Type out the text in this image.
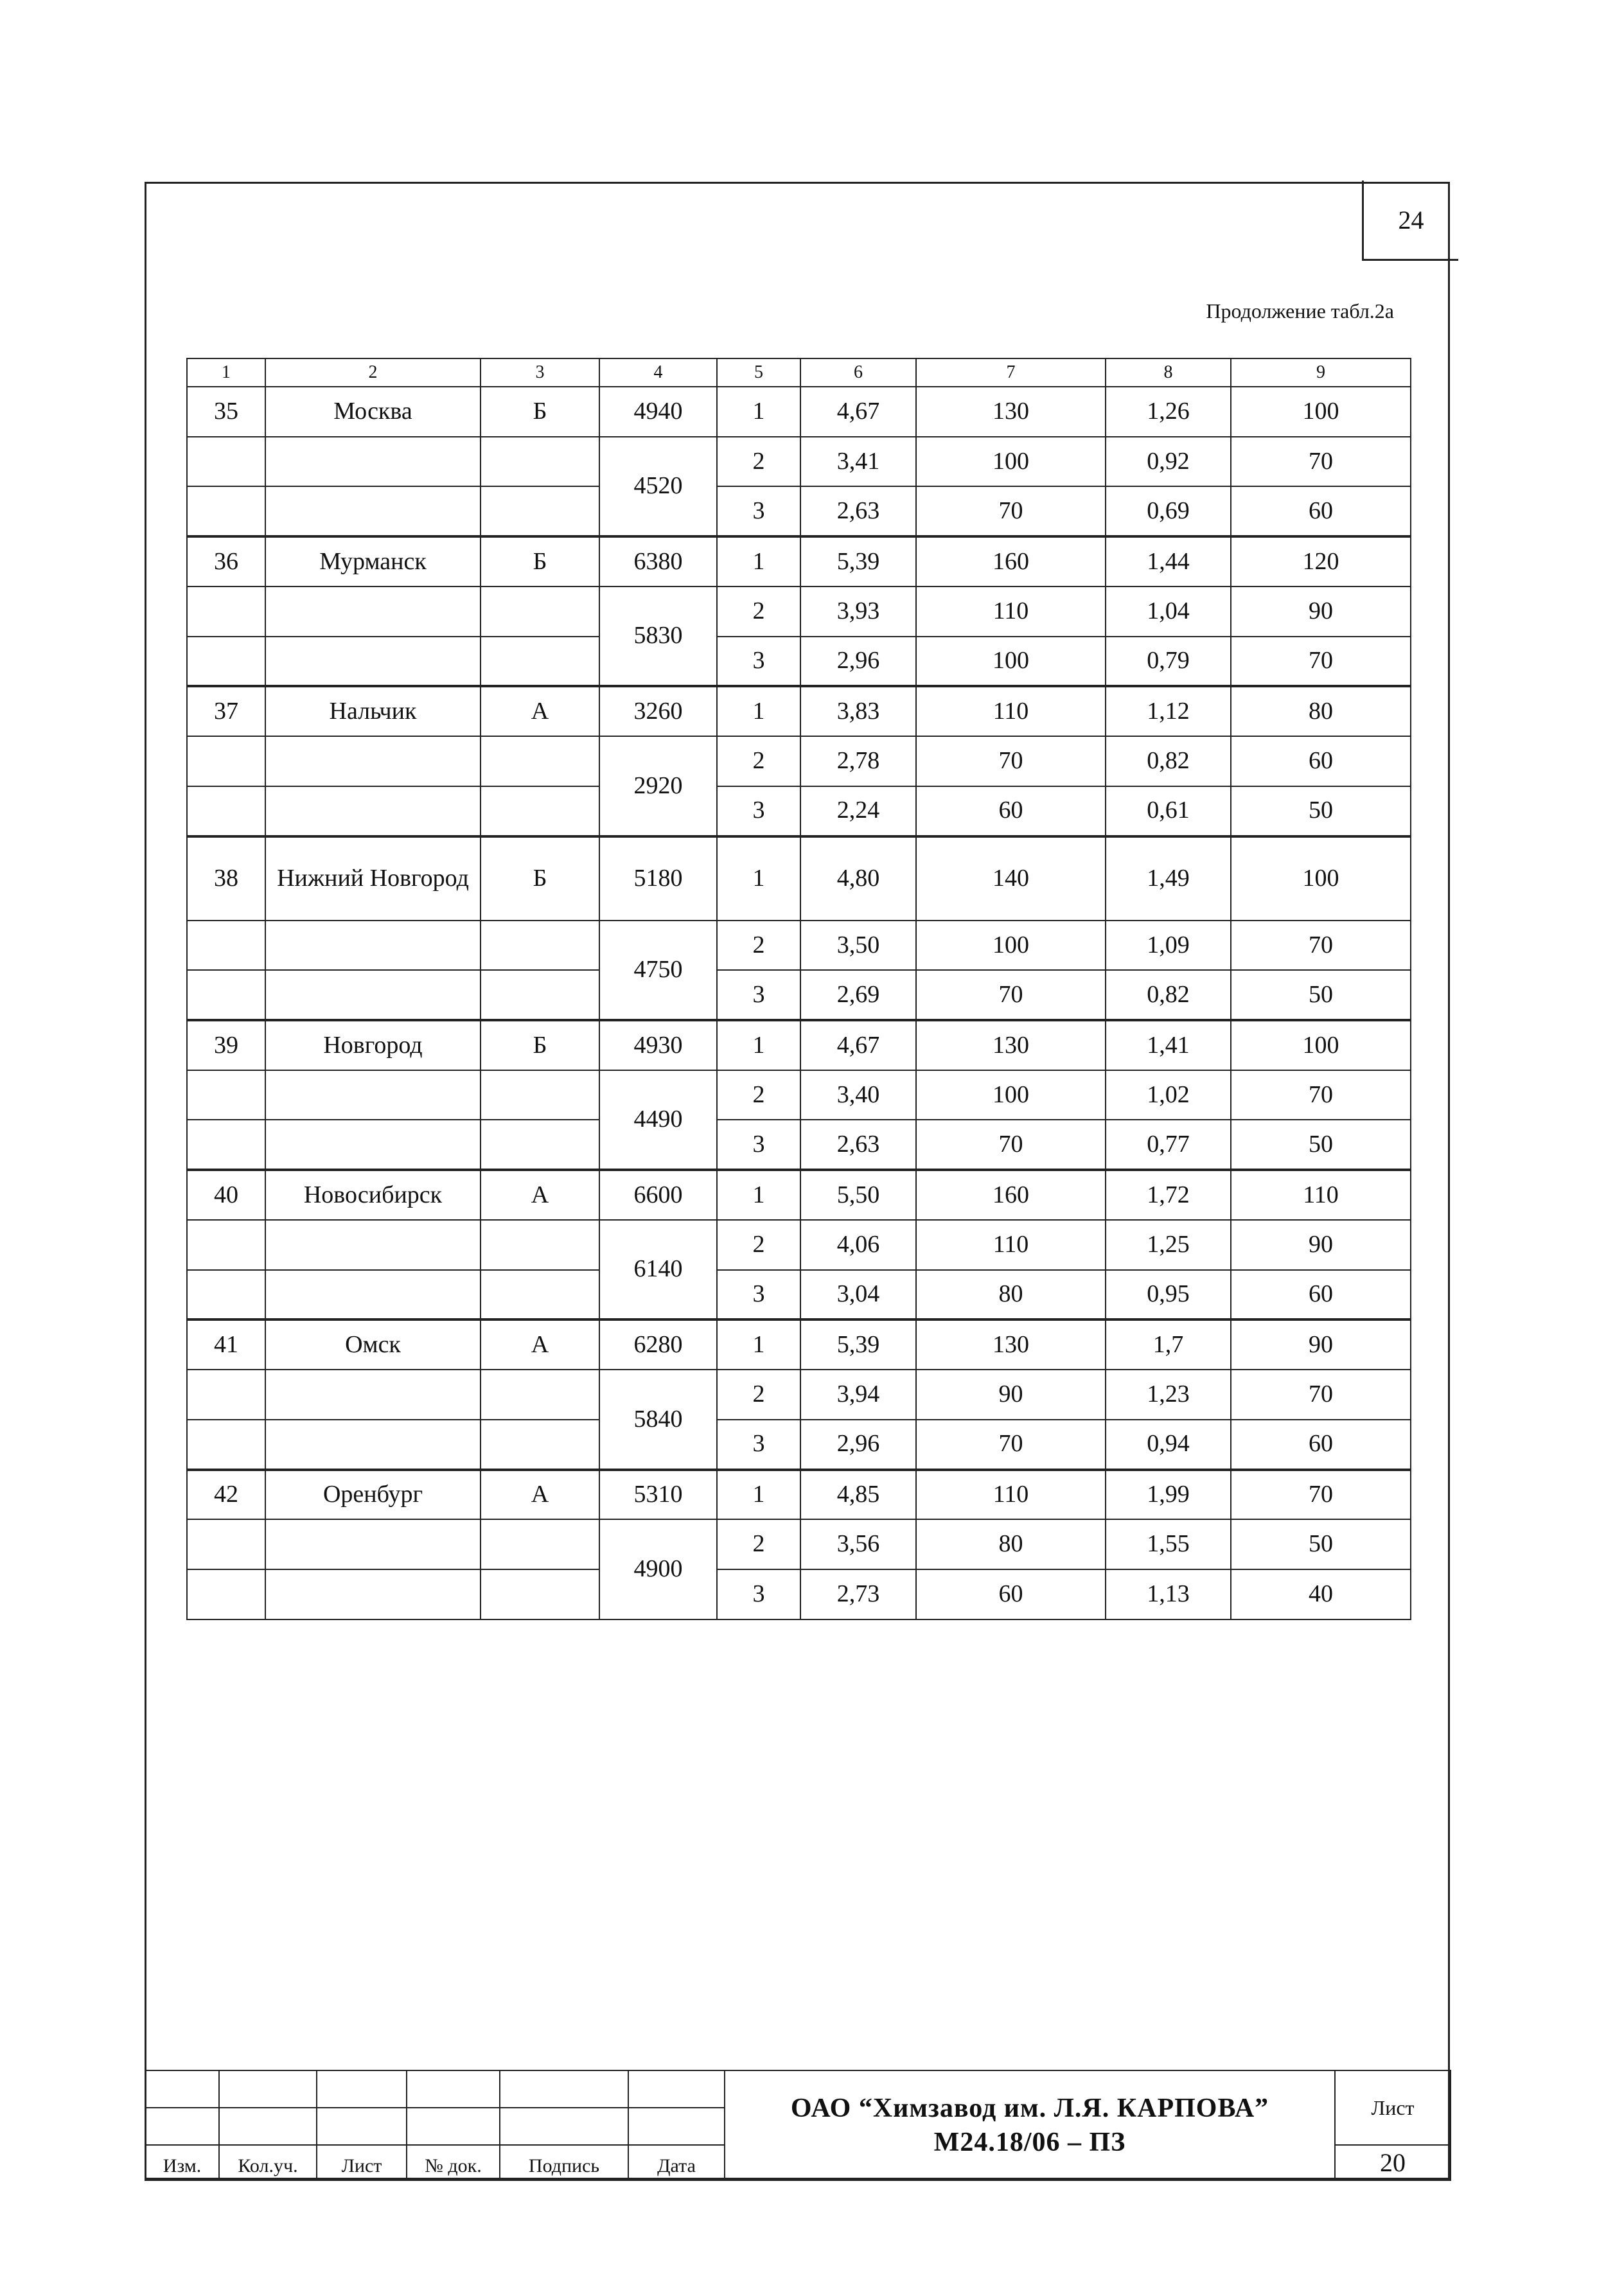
24
Продолжение табл.2а
1	2	3	4	5	6	7	8	9
35	Москва	Б	4940	1	4,67	130	1,26	100
			4520	2	3,41	100	0,92	70
				3	2,63	70	0,69	60
36	Мурманск	Б	6380	1	5,39	160	1,44	120
			5830	2	3,93	110	1,04	90
				3	2,96	100	0,79	70
37	Нальчик	А	3260	1	3,83	110	1,12	80
			2920	2	2,78	70	0,82	60
				3	2,24	60	0,61	50
38	Нижний Новгород	Б	5180	1	4,80	140	1,49	100
			4750	2	3,50	100	1,09	70
				3	2,69	70	0,82	50
39	Новгород	Б	4930	1	4,67	130	1,41	100
			4490	2	3,40	100	1,02	70
				3	2,63	70	0,77	50
40	Новосибирск	А	6600	1	5,50	160	1,72	110
			6140	2	4,06	110	1,25	90
				3	3,04	80	0,95	60
41	Омск	А	6280	1	5,39	130	1,7	90
			5840	2	3,94	90	1,23	70
				3	2,96	70	0,94	60
42	Оренбург	А	5310	1	4,85	110	1,99	70
			4900	2	3,56	80	1,55	50
				3	2,73	60	1,13	40

						ОАО “Химзавод им. Л.Я. КАРПОВА”
М24.18/06 – ПЗ	Лист

Изм.	Кол.уч.	Лист	№ док.	Подпись	Дата		20
